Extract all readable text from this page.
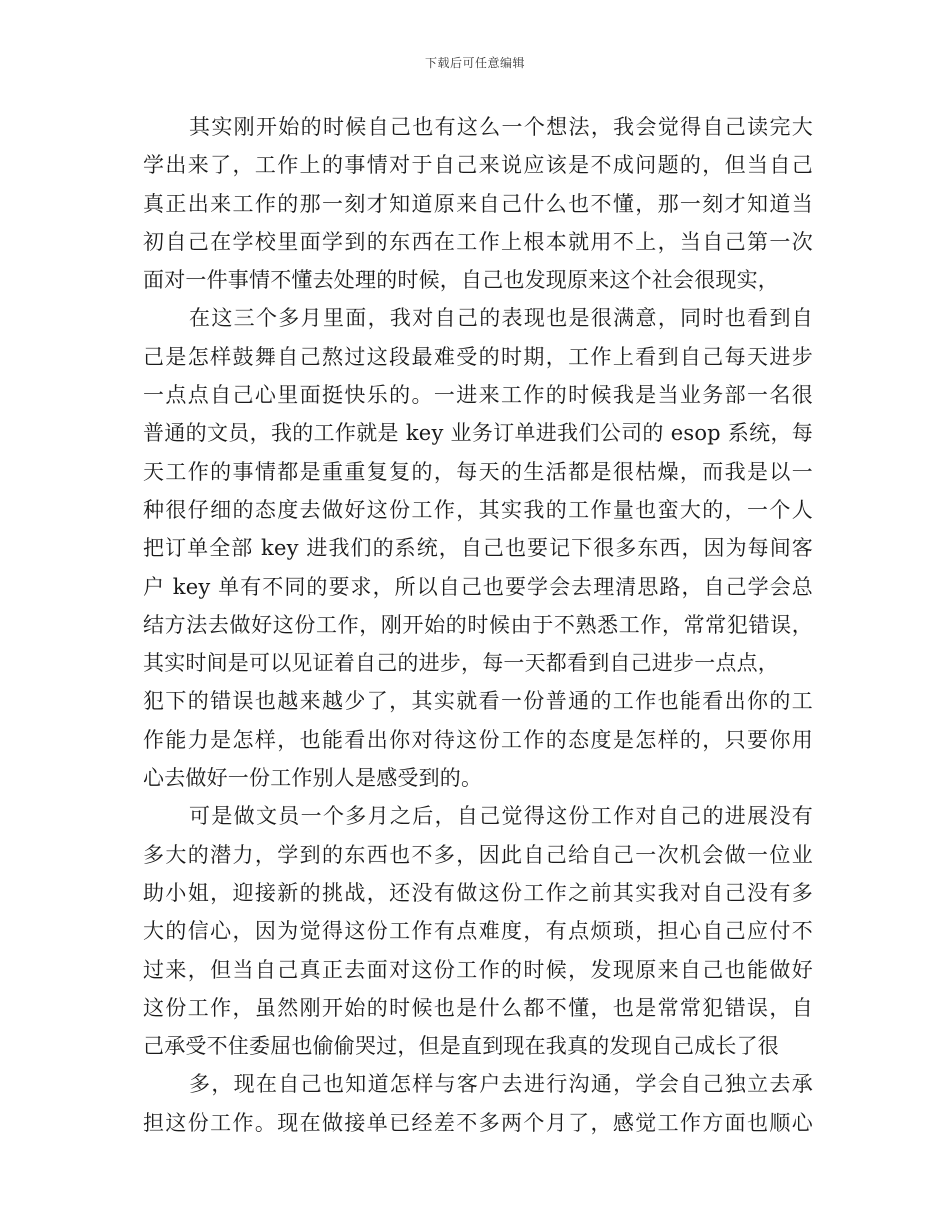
下载后可任意编辑
其实刚开始的时候自己也有这么一个想法，我会觉得自己读完大
学出来了，工作上的事情对于自己来说应该是不成问题的，但当自己
真正出来工作的那一刻才知道原来自己什么也不懂，那一刻才知道当
初自己在学校里面学到的东西在工作上根本就用不上，当自己第一次
面对一件事情不懂去处理的时候，自己也发现原来这个社会很现实，
在这三个多月里面，我对自己的表现也是很满意，同时也看到自
己是怎样鼓舞自己熬过这段最难受的时期，工作上看到自己每天进步
一点点自己心里面挺快乐的。一进来工作的时候我是当业务部一名很
普通的文员，我的工作就是 key 业务订单进我们公司的 esop 系统，每
天工作的事情都是重重复复的，每天的生活都是很枯燥，而我是以一
种很仔细的态度去做好这份工作，其实我的工作量也蛮大的，一个人
把订单全部 key 进我们的系统，自己也要记下很多东西，因为每间客
户 key 单有不同的要求，所以自己也要学会去理清思路，自己学会总
结方法去做好这份工作，刚开始的时候由于不熟悉工作，常常犯错误，
其实时间是可以见证着自己的进步，每一天都看到自己进步一点点，
犯下的错误也越来越少了，其实就看一份普通的工作也能看出你的工
作能力是怎样，也能看出你对待这份工作的态度是怎样的，只要你用
心去做好一份工作别人是感受到的。
可是做文员一个多月之后，自己觉得这份工作对自己的进展没有
多大的潜力，学到的东西也不多，因此自己给自己一次机会做一位业
助小姐，迎接新的挑战，还没有做这份工作之前其实我对自己没有多
大的信心，因为觉得这份工作有点难度，有点烦琐，担心自己应付不
过来，但当自己真正去面对这份工作的时候，发现原来自己也能做好
这份工作，虽然刚开始的时候也是什么都不懂，也是常常犯错误，自
己承受不住委屈也偷偷哭过，但是直到现在我真的发现自己成长了很
多，现在自己也知道怎样与客户去进行沟通，学会自己独立去承
担这份工作。现在做接单已经差不多两个月了，感觉工作方面也顺心
